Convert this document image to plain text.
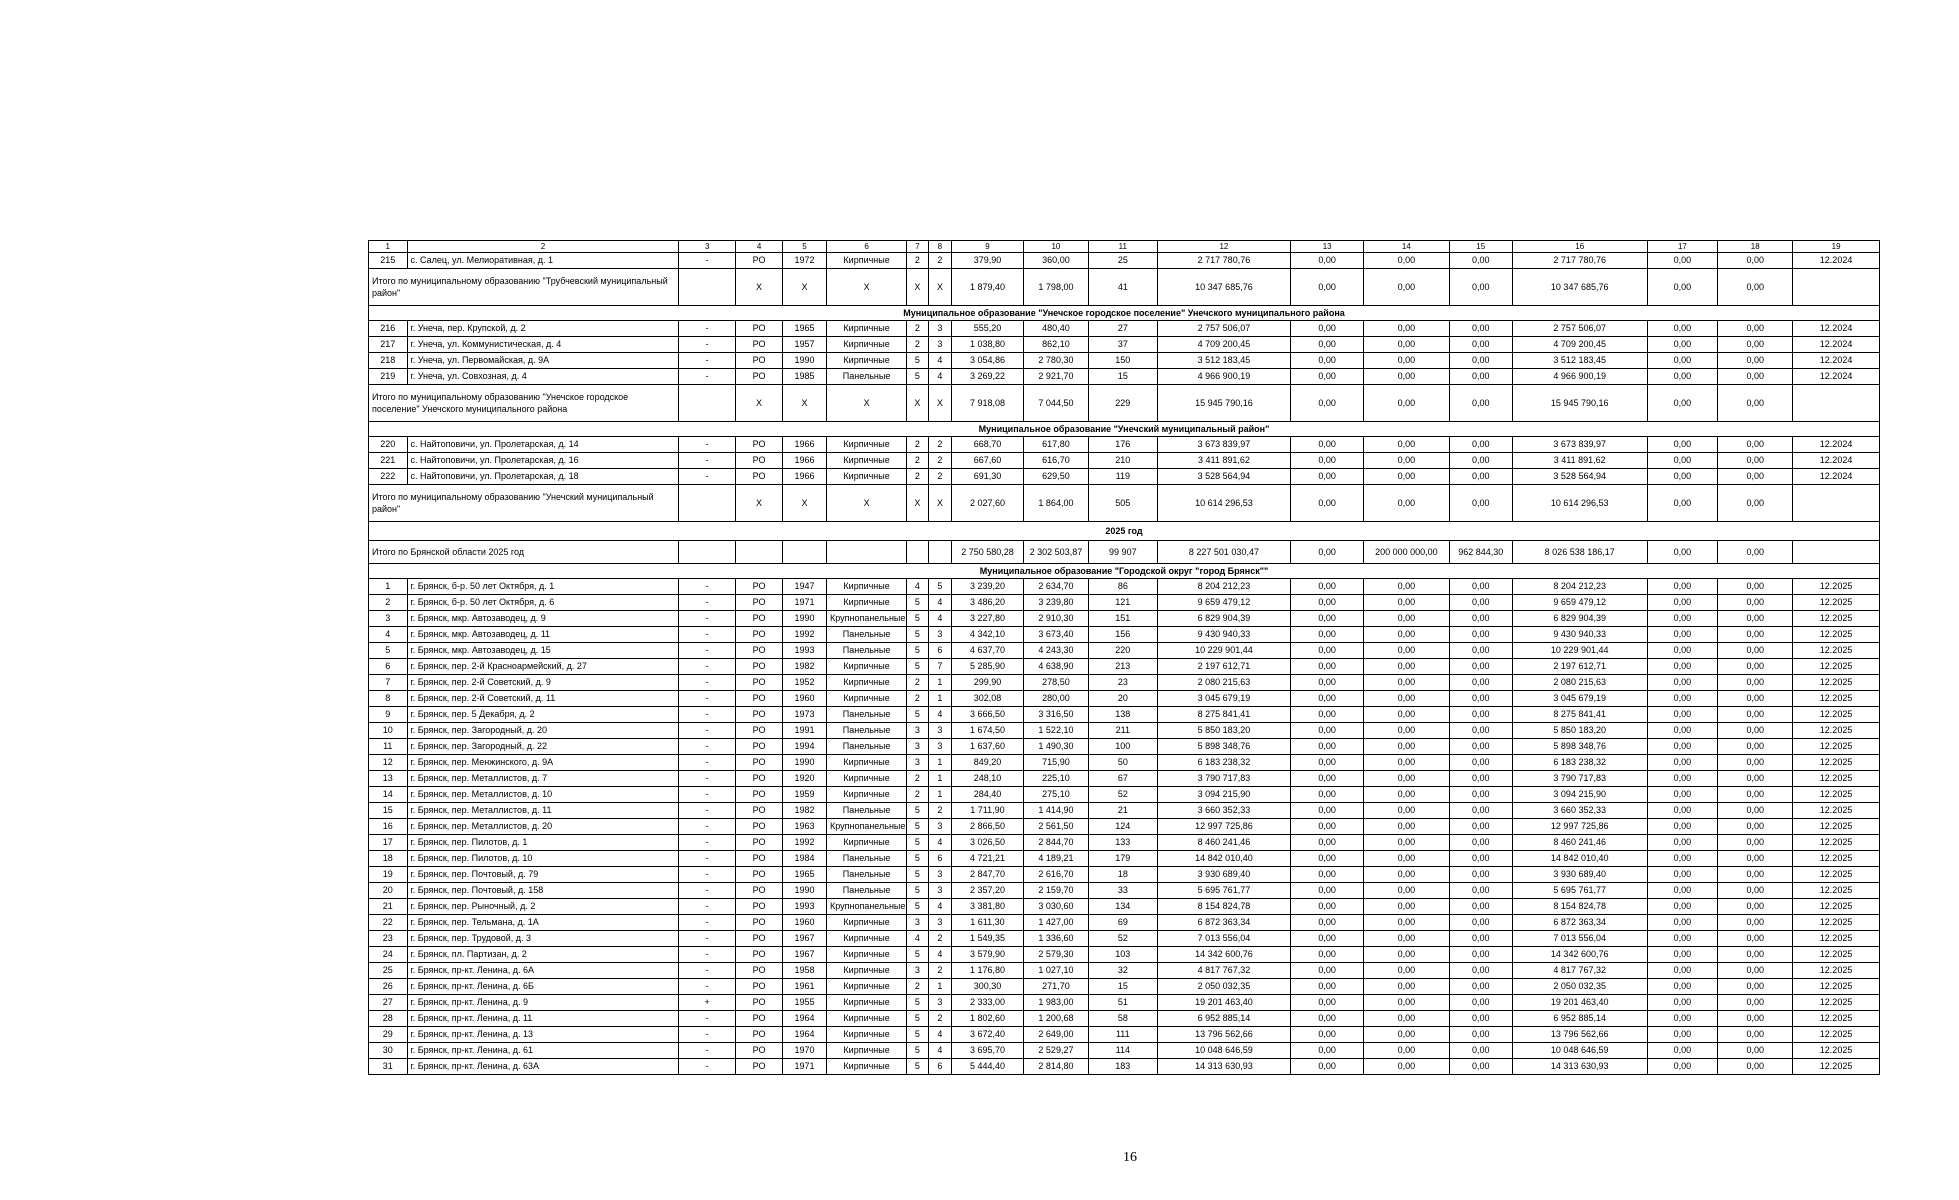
1	2	3	4	5	6	7	8	9	10	11	12	13	14	15	16	17	18	19
215	с. Салец, ул. Мелиоративная, д. 1	-	РО	1972	Кирпичные	2	2	379,90	360,00	25	2 717 780,76	0,00	0,00	0,00	2 717 780,76	0,00	0,00	12.2024
Итого по муниципальному образованию "Трубчевский муниципальный район"			Х	Х	Х	Х	Х	1 879,40	1 798,00	41	10 347 685,76	0,00	0,00	0,00	10 347 685,76	0,00	0,00	
Муниципальное образование "Унечское городское поселение" Унечского муниципального района																		
216	г. Унеча, пер. Крупской, д. 2	-	РО	1965	Кирпичные	2	3	555,20	480,40	27	2 757 506,07	0,00	0,00	0,00	2 757 506,07	0,00	0,00	12.2024
217	г. Унеча, ул. Коммунистическая, д. 4	-	РО	1957	Кирпичные	2	3	1 038,80	862,10	37	4 709 200,45	0,00	0,00	0,00	4 709 200,45	0,00	0,00	12.2024
218	г. Унеча, ул. Первомайская, д. 9А	-	РО	1990	Кирпичные	5	4	3 054,86	2 780,30	150	3 512 183,45	0,00	0,00	0,00	3 512 183,45	0,00	0,00	12.2024
219	г. Унеча, ул. Совхозная, д. 4	-	РО	1985	Панельные	5	4	3 269,22	2 921,70	15	4 966 900,19	0,00	0,00	0,00	4 966 900,19	0,00	0,00	12.2024
Итого по муниципальному образованию "Унечское городское поселение" Унечского муниципального района			Х	Х	Х	Х	Х	7 918,08	7 044,50	229	15 945 790,16	0,00	0,00	0,00	15 945 790,16	0,00	0,00	
Муниципальное образование "Унечский муниципальный район"																		
220	с. Найтоповичи, ул. Пролетарская, д. 14	-	РО	1966	Кирпичные	2	2	668,70	617,80	176	3 673 839,97	0,00	0,00	0,00	3 673 839,97	0,00	0,00	12.2024
221	с. Найтоповичи, ул. Пролетарская, д. 16	-	РО	1966	Кирпичные	2	2	667,60	616,70	210	3 411 891,62	0,00	0,00	0,00	3 411 891,62	0,00	0,00	12.2024
222	с. Найтоповичи, ул. Пролетарская, д. 18	-	РО	1966	Кирпичные	2	2	691,30	629,50	119	3 528 564,94	0,00	0,00	0,00	3 528 564,94	0,00	0,00	12.2024
Итого по муниципальному образованию "Унечский муниципальный район"			Х	Х	Х	Х	Х	2 027,60	1 864,00	505	10 614 296,53	0,00	0,00	0,00	10 614 296,53	0,00	0,00	
2025 год																		
Итого по Брянской области 2025 год								2 750 580,28	2 302 503,87	99 907	8 227 501 030,47	0,00	200 000 000,00	962 844,30	8 026 538 186,17	0,00	0,00	
Муниципальное образование "Городской округ "город Брянск""																		
1	г. Брянск, б-р. 50 лет Октября, д. 1	-	РО	1947	Кирпичные	4	5	3 239,20	2 634,70	86	8 204 212,23	0,00	0,00	0,00	8 204 212,23	0,00	0,00	12.2025
2	г. Брянск, б-р. 50 лет Октября, д. 6	-	РО	1971	Кирпичные	5	4	3 486,20	3 239,80	121	9 659 479,12	0,00	0,00	0,00	9 659 479,12	0,00	0,00	12.2025
3	г. Брянск, мкр. Автозаводец, д. 9	-	РО	1990	Крупнопанельные	5	4	3 227,80	2 910,30	151	6 829 904,39	0,00	0,00	0,00	6 829 904,39	0,00	0,00	12.2025
4	г. Брянск, мкр. Автозаводец, д. 11	-	РО	1992	Панельные	5	3	4 342,10	3 673,40	156	9 430 940,33	0,00	0,00	0,00	9 430 940,33	0,00	0,00	12.2025
5	г. Брянск, мкр. Автозаводец, д. 15	-	РО	1993	Панельные	5	6	4 637,70	4 243,30	220	10 229 901,44	0,00	0,00	0,00	10 229 901,44	0,00	0,00	12.2025
6	г. Брянск, пер. 2-й Красноармейский, д. 27	-	РО	1982	Кирпичные	5	7	5 285,90	4 638,90	213	2 197 612,71	0,00	0,00	0,00	2 197 612,71	0,00	0,00	12.2025
7	г. Брянск, пер. 2-й Советский, д. 9	-	РО	1952	Кирпичные	2	1	299,90	278,50	23	2 080 215,63	0,00	0,00	0,00	2 080 215,63	0,00	0,00	12.2025
8	г. Брянск, пер. 2-й Советский, д. 11	-	РО	1960	Кирпичные	2	1	302,08	280,00	20	3 045 679,19	0,00	0,00	0,00	3 045 679,19	0,00	0,00	12.2025
9	г. Брянск, пер. 5 Декабря, д. 2	-	РО	1973	Панельные	5	4	3 666,50	3 316,50	138	8 275 841,41	0,00	0,00	0,00	8 275 841,41	0,00	0,00	12.2025
10	г. Брянск, пер. Загородный, д. 20	-	РО	1991	Панельные	3	3	1 674,50	1 522,10	211	5 850 183,20	0,00	0,00	0,00	5 850 183,20	0,00	0,00	12.2025
11	г. Брянск, пер. Загородный, д. 22	-	РО	1994	Панельные	3	3	1 637,60	1 490,30	100	5 898 348,76	0,00	0,00	0,00	5 898 348,76	0,00	0,00	12.2025
12	г. Брянск, пер. Менжинского, д. 9А	-	РО	1990	Кирпичные	3	1	849,20	715,90	50	6 183 238,32	0,00	0,00	0,00	6 183 238,32	0,00	0,00	12.2025
13	г. Брянск, пер. Металлистов, д. 7	-	РО	1920	Кирпичные	2	1	248,10	225,10	67	3 790 717,83	0,00	0,00	0,00	3 790 717,83	0,00	0,00	12.2025
14	г. Брянск, пер. Металлистов, д. 10	-	РО	1959	Кирпичные	2	1	284,40	275,10	52	3 094 215,90	0,00	0,00	0,00	3 094 215,90	0,00	0,00	12.2025
15	г. Брянск, пер. Металлистов, д. 11	-	РО	1982	Панельные	5	2	1 711,90	1 414,90	21	3 660 352,33	0,00	0,00	0,00	3 660 352,33	0,00	0,00	12.2025
16	г. Брянск, пер. Металлистов, д. 20	-	РО	1963	Крупнопанельные	5	3	2 866,50	2 561,50	124	12 997 725,86	0,00	0,00	0,00	12 997 725,86	0,00	0,00	12.2025
17	г. Брянск, пер. Пилотов, д. 1	-	РО	1992	Кирпичные	5	4	3 026,50	2 844,70	133	8 460 241,46	0,00	0,00	0,00	8 460 241,46	0,00	0,00	12.2025
18	г. Брянск, пер. Пилотов, д. 10	-	РО	1984	Панельные	5	6	4 721,21	4 189,21	179	14 842 010,40	0,00	0,00	0,00	14 842 010,40	0,00	0,00	12.2025
19	г. Брянск, пер. Почтовый, д. 79	-	РО	1965	Панельные	5	3	2 847,70	2 616,70	18	3 930 689,40	0,00	0,00	0,00	3 930 689,40	0,00	0,00	12.2025
20	г. Брянск, пер. Почтовый, д. 158	-	РО	1990	Панельные	5	3	2 357,20	2 159,70	33	5 695 761,77	0,00	0,00	0,00	5 695 761,77	0,00	0,00	12.2025
21	г. Брянск, пер. Рыночный, д. 2	-	РО	1993	Крупнопанельные	5	4	3 381,80	3 030,60	134	8 154 824,78	0,00	0,00	0,00	8 154 824,78	0,00	0,00	12.2025
22	г. Брянск, пер. Тельмана, д. 1А	-	РО	1960	Кирпичные	3	3	1 611,30	1 427,00	69	6 872 363,34	0,00	0,00	0,00	6 872 363,34	0,00	0,00	12.2025
23	г. Брянск, пер. Трудовой, д. 3	-	РО	1967	Кирпичные	4	2	1 549,35	1 336,60	52	7 013 556,04	0,00	0,00	0,00	7 013 556,04	0,00	0,00	12.2025
24	г. Брянск, пл. Партизан, д. 2	-	РО	1967	Кирпичные	5	4	3 579,90	2 579,30	103	14 342 600,76	0,00	0,00	0,00	14 342 600,76	0,00	0,00	12.2025
25	г. Брянск, пр-кт. Ленина, д. 6А	-	РО	1958	Кирпичные	3	2	1 176,80	1 027,10	32	4 817 767,32	0,00	0,00	0,00	4 817 767,32	0,00	0,00	12.2025
26	г. Брянск, пр-кт. Ленина, д. 6Б	-	РО	1961	Кирпичные	2	1	300,30	271,70	15	2 050 032,35	0,00	0,00	0,00	2 050 032,35	0,00	0,00	12.2025
27	г. Брянск, пр-кт. Ленина, д. 9	+	РО	1955	Кирпичные	5	3	2 333,00	1 983,00	51	19 201 463,40	0,00	0,00	0,00	19 201 463,40	0,00	0,00	12.2025
28	г. Брянск, пр-кт. Ленина, д. 11	-	РО	1964	Кирпичные	5	2	1 802,60	1 200,68	58	6 952 885,14	0,00	0,00	0,00	6 952 885,14	0,00	0,00	12.2025
29	г. Брянск, пр-кт. Ленина, д. 13	-	РО	1964	Кирпичные	5	4	3 672,40	2 649,00	111	13 796 562,66	0,00	0,00	0,00	13 796 562,66	0,00	0,00	12.2025
30	г. Брянск, пр-кт. Ленина, д. 61	-	РО	1970	Кирпичные	5	4	3 695,70	2 529,27	114	10 048 646,59	0,00	0,00	0,00	10 048 646,59	0,00	0,00	12.2025
31	г. Брянск, пр-кт. Ленина, д. 63А	-	РО	1971	Кирпичные	5	6	5 444,40	2 814,80	183	14 313 630,93	0,00	0,00	0,00	14 313 630,93	0,00	0,00	12.2025
16
